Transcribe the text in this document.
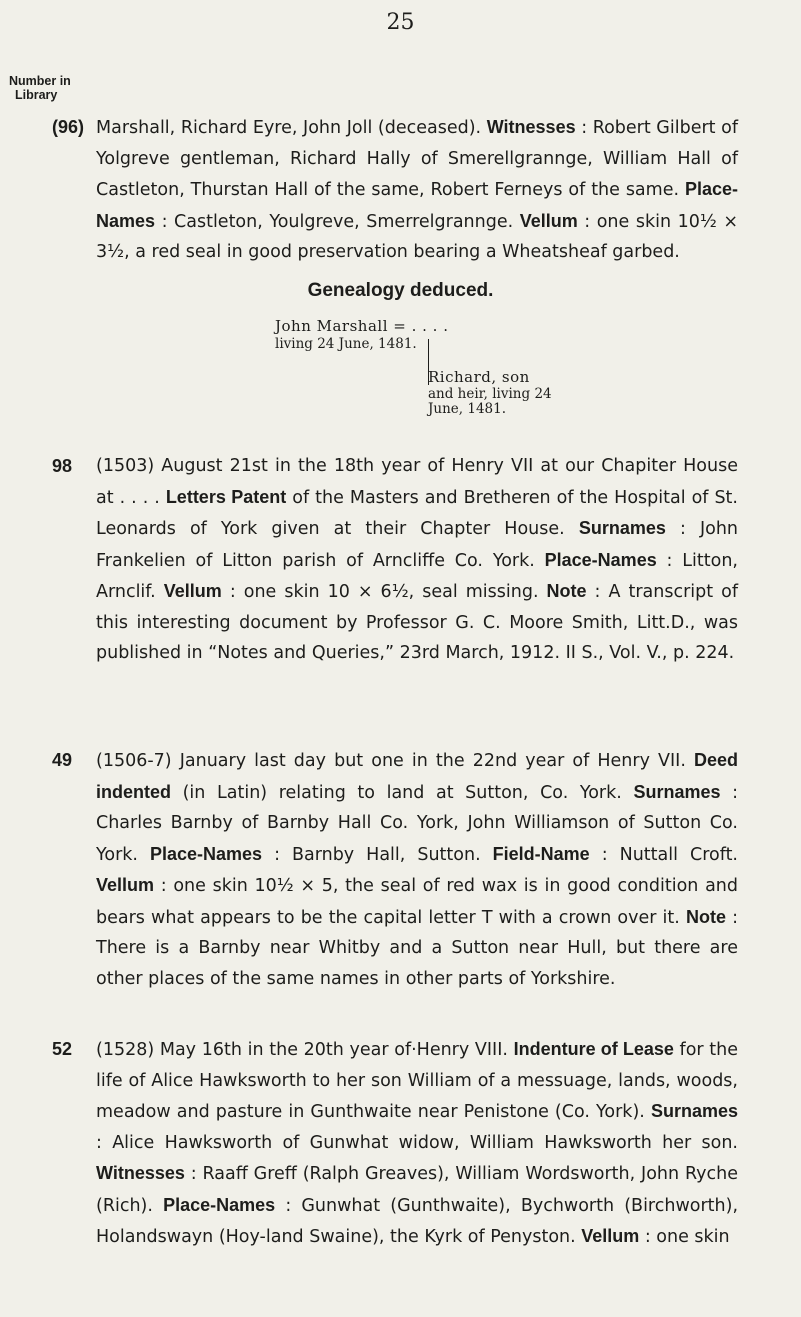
25
Number in
Library
(96) Marshall, Richard Eyre, John Joll (deceased). Witnesses : Robert Gilbert of Yolgreve gentleman, Richard Hally of Smerellgrannge, William Hall of Castleton, Thurstan Hall of the same, Robert Ferneys of the same. Place-Names : Castleton, Youlgreve, Smerrelgrannge. Vellum : one skin 10½ × 3½, a red seal in good preservation bearing a Wheatsheaf garbed.
Genealogy deduced.
John Marshall = . . . .
living 24 June, 1481.
Richard, son
and heir, living 24 June, 1481.
98 (1503) August 21st in the 18th year of Henry VII at our Chapiter House at . . . . Letters Patent of the Masters and Bretheren of the Hospital of St. Leonards of York given at their Chapter House. Surnames : John Frankelien of Litton parish of Arncliffe Co. York. Place-Names : Litton, Arnclif. Vellum : one skin 10 × 6½, seal missing. Note : A transcript of this interesting document by Professor G. C. Moore Smith, Litt.D., was published in “Notes and Queries,” 23rd March, 1912. II S., Vol. V., p. 224.
49 (1506-7) January last day but one in the 22nd year of Henry VII. Deed indented (in Latin) relating to land at Sutton, Co. York. Surnames : Charles Barnby of Barnby Hall Co. York, John Williamson of Sutton Co. York. Place-Names : Barnby Hall, Sutton. Field-Name : Nuttall Croft. Vellum : one skin 10½ × 5, the seal of red wax is in good condition and bears what appears to be the capital letter T with a crown over it. Note : There is a Barnby near Whitby and a Sutton near Hull, but there are other places of the same names in other parts of Yorkshire.
52 (1528) May 16th in the 20th year of·Henry VIII. Indenture of Lease for the life of Alice Hawksworth to her son William of a messuage, lands, woods, meadow and pasture in Gunthwaite near Penistone (Co. York). Surnames : Alice Hawksworth of Gunwhat widow, William Hawksworth her son. Witnesses : Raaff Greff (Ralph Greaves), William Wordsworth, John Ryche (Rich). Place-Names : Gunwhat (Gunthwaite), Bychworth (Birchworth), Holandswayn (Hoy-land Swaine), the Kyrk of Penyston. Vellum : one skin
